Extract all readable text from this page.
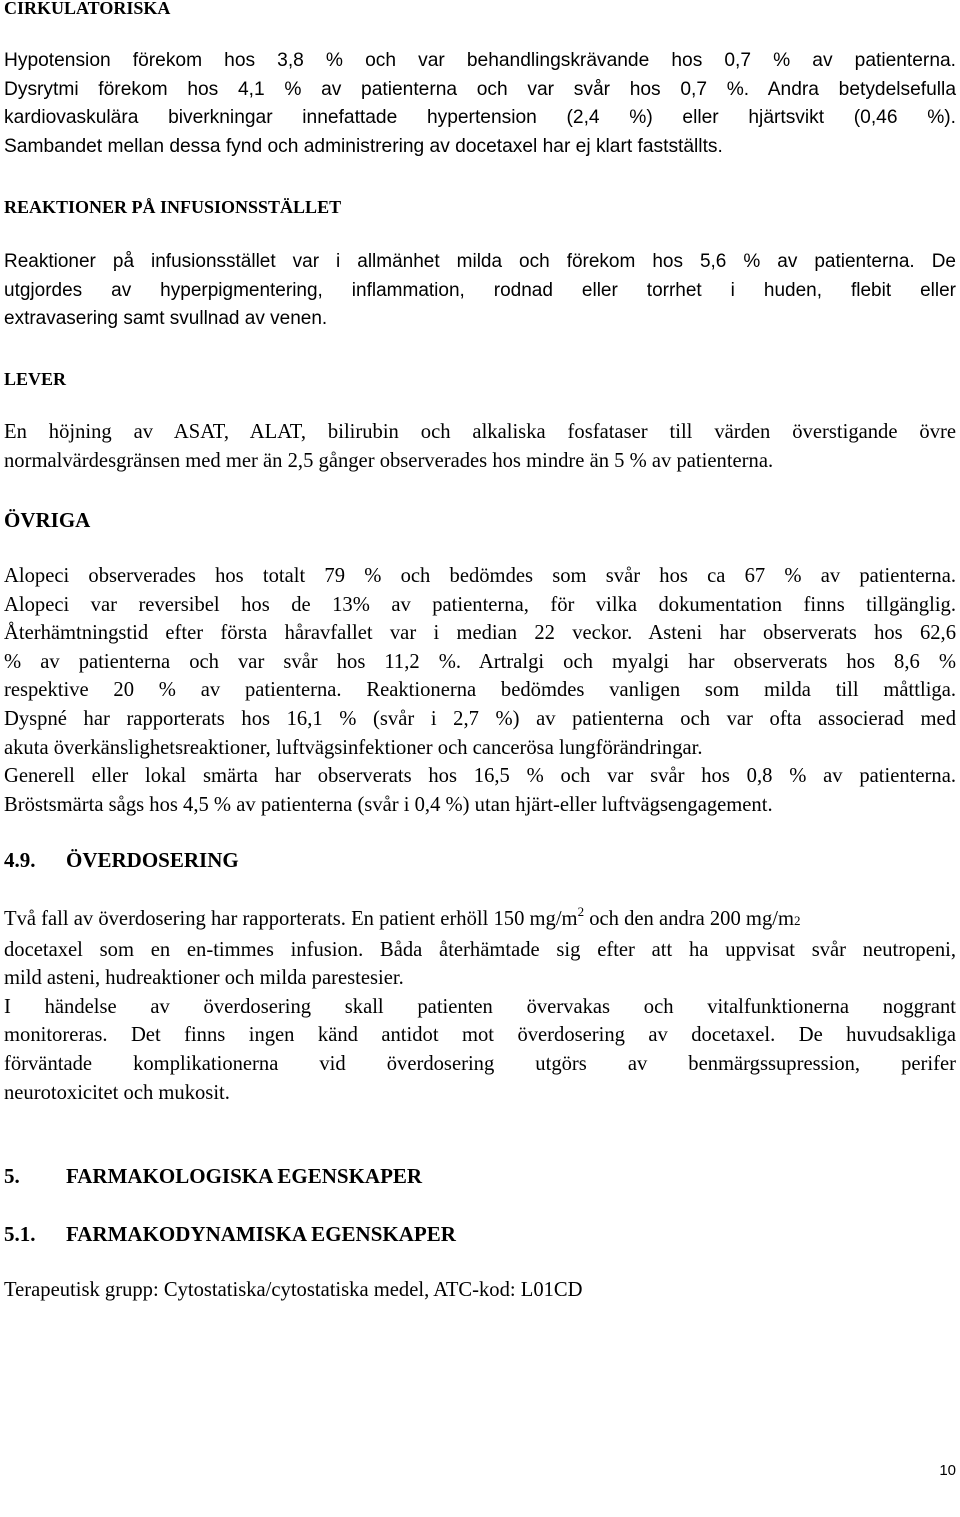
CIRKULATORISKA
Hypotension förekom hos 3,8 % och var behandlingskrävande hos 0,7 % av patienterna.
Dysrytmi förekom hos 4,1 % av patienterna och var svår hos 0,7 %. Andra betydelsefulla
kardiovaskulära biverkningar innefattade hypertension (2,4 %) eller hjärtsvikt (0,46 %).
Sambandet mellan dessa fynd och administrering av docetaxel har ej klart fastställts.
REAKTIONER PÅ INFUSIONSSTÄLLET
Reaktioner på infusionsstället var i allmänhet milda och förekom hos 5,6 % av patienterna. De
utgjordes av hyperpigmentering, inflammation, rodnad eller torrhet i huden, flebit eller
extravasering samt svullnad av venen.
LEVER
En höjning av ASAT, ALAT, bilirubin och alkaliska fosfataser till värden överstigande övre
normalvärdesgränsen med mer än 2,5 gånger observerades hos mindre än 5 % av patienterna.
ÖVRIGA
Alopeci observerades hos totalt 79 % och bedömdes som svår hos ca 67 % av patienterna.
Alopeci var reversibel hos de 13% av patienterna, för vilka dokumentation finns tillgänglig.
Återhämtningstid efter första håravfallet var i median 22 veckor. Asteni har observerats hos 62,6
% av patienterna och var svår hos 11,2 %. Artralgi och myalgi har observerats hos 8,6 %
respektive 20 % av patienterna. Reaktionerna bedömdes vanligen som milda till måttliga.
Dyspné har rapporterats hos 16,1 % (svår i 2,7 %) av patienterna och var ofta associerad med
akuta överkänslighetsreaktioner, luftvägsinfektioner och cancerösa lungförändringar.
Generell eller lokal smärta har observerats hos 16,5 % och var svår hos 0,8 % av patienterna.
Bröstsmärta sågs hos 4,5 % av patienterna (svår i 0,4 %) utan hjärt-eller luftvägsengagement.
4.9. ÖVERDOSERING
Två fall av överdosering har rapporterats. En patient erhöll 150 $mg/m^2$ och den andra 200 mg/m2
docetaxel som en en-timmes infusion. Båda återhämtade sig efter att ha uppvisat svår neutropeni,
mild asteni, hudreaktioner och milda parestesier.
I händelse av överdosering skall patienten övervakas och vitalfunktionerna noggrant
monitoreras. Det finns ingen känd antidot mot överdosering av docetaxel. De huvudsakliga
förväntade komplikationerna vid överdosering utgörs av benmärgssupression, perifer
neurotoxicitet och mukosit.
5. FARMAKOLOGISKA EGENSKAPER
5.1. FARMAKODYNAMISKA EGENSKAPER
Terapeutisk grupp: Cytostatiska/cytostatiska medel, ATC-kod: L01CD
10
